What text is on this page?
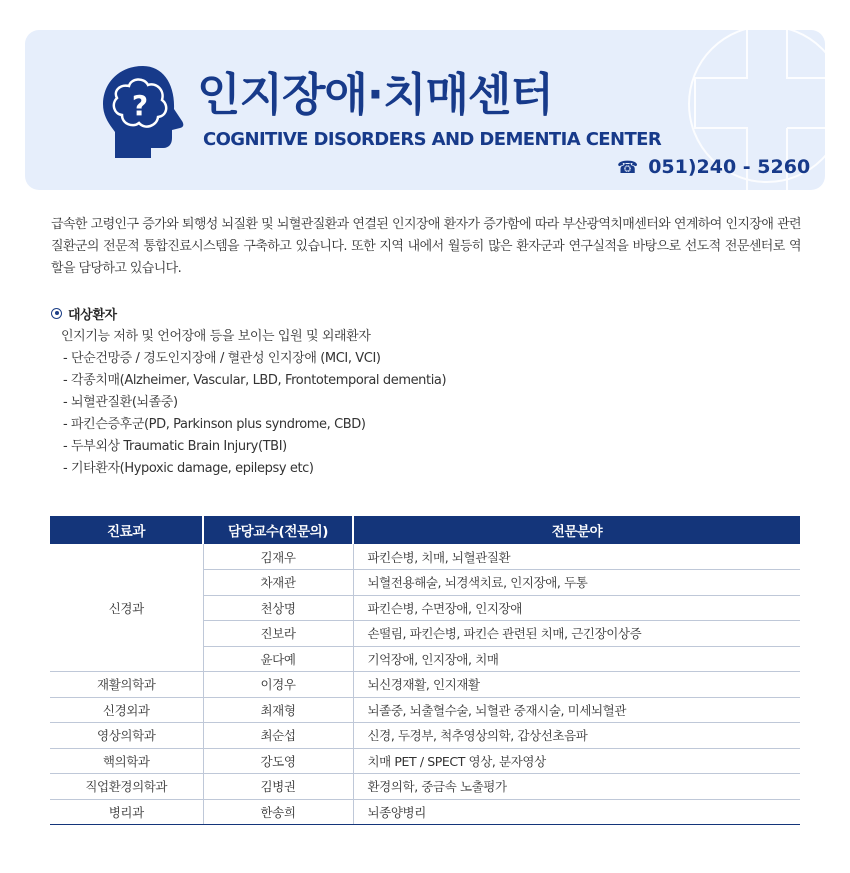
? 인지장애·치매센터
COGNITIVE DISORDERS AND DEMENTIA CENTER
☎ 051)240 - 5260

급속한 고령인구 증가와 퇴행성 뇌질환 및 뇌혈관질환과 연결된 인지장애 환자가 증가함에 따라 부산광역치매센터와 연계하여 인지장애 관련 질환군의 전문적 통합진료시스템을 구축하고 있습니다. 또한 지역 내에서 월등히 많은 환자군과 연구실적을 바탕으로 선도적 전문센터로 역할을 담당하고 있습니다.

대상환자
인지기능 저하 및 언어장애 등을 보이는 입원 및 외래환자
- 단순건망증 / 경도인지장애 / 혈관성 인지장애 (MCI, VCI)
- 각종치매(Alzheimer, Vascular, LBD, Frontotemporal dementia)
- 뇌혈관질환(뇌졸중)
- 파킨슨증후군(PD, Parkinson plus syndrome, CBD)
- 두부외상 Traumatic Brain Injury(TBI)
- 기타환자(Hypoxic damage, epilepsy etc)
진료과	담당교수(전문의)	전문분야
신경과	김재우	파킨슨병, 치매, 뇌혈관질환
	차재관	뇌혈전용해술, 뇌경색치료, 인지장애, 두통
	천상명	파킨슨병, 수면장애, 인지장애
	진보라	손떨림, 파킨슨병, 파킨슨 관련된 치매, 근긴장이상증
	윤다예	기억장애, 인지장애, 치매
재활의학과	이경우	뇌신경재활, 인지재활
신경외과	최재형	뇌졸중, 뇌출혈수술, 뇌혈관 중재시술, 미세뇌혈관
영상의학과	최순섭	신경, 두경부, 척추영상의학, 갑상선초음파
핵의학과	강도영	치매 PET / SPECT 영상, 분자영상
직업환경의학과	김병권	환경의학, 중금속 노출평가
병리과	한송희	뇌종양병리
